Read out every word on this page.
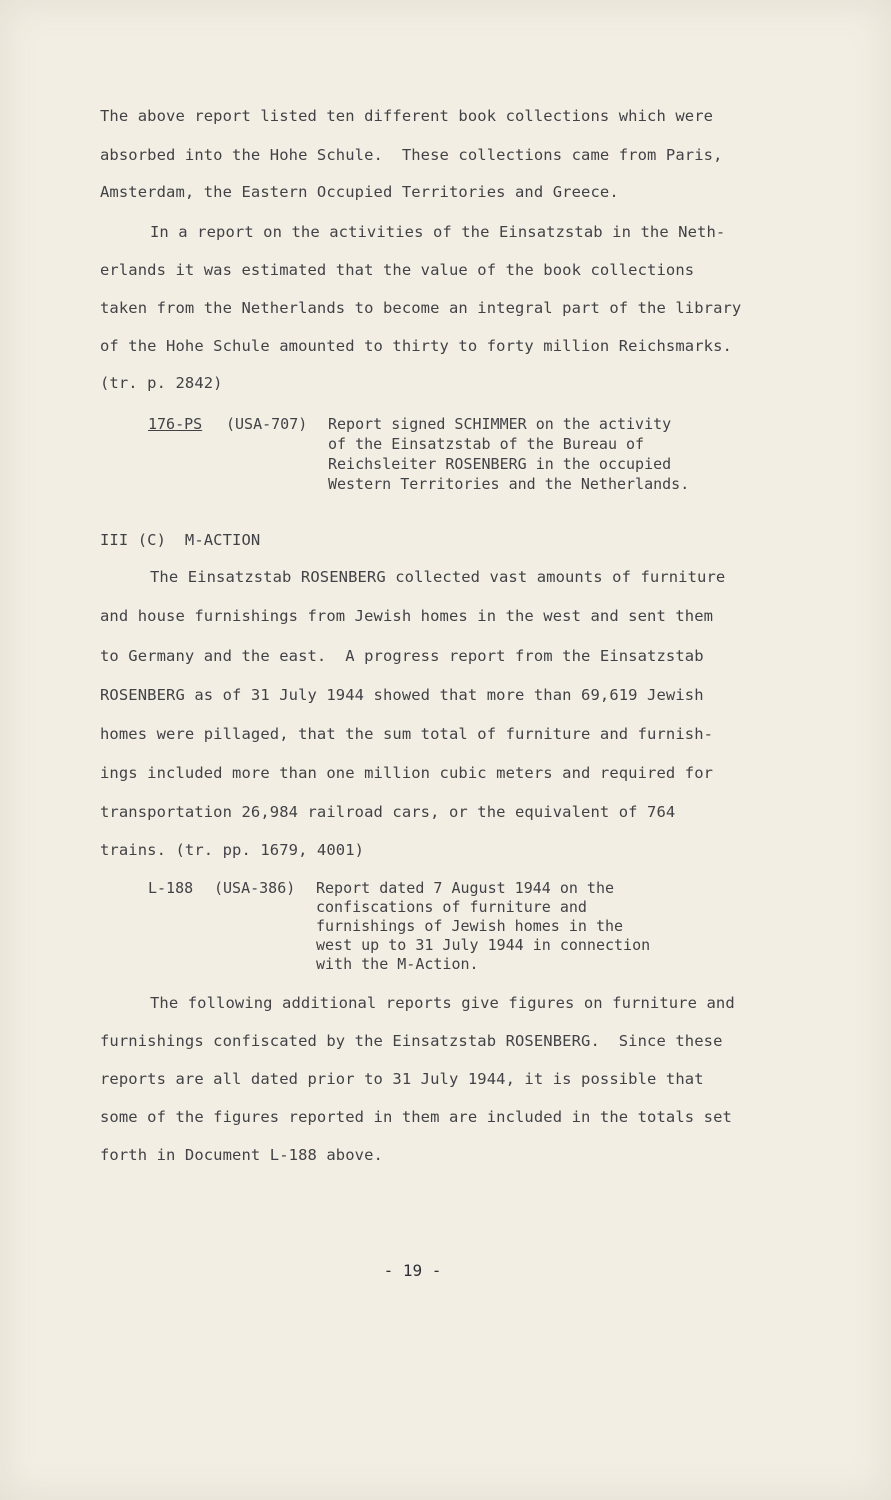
The above report listed ten different book collections which were
absorbed into the Hohe Schule.  These collections came from Paris,
Amsterdam, the Eastern Occupied Territories and Greece.
In a report on the activities of the Einsatzstab in the Neth-
erlands it was estimated that the value of the book collections
taken from the Netherlands to become an integral part of the library
of the Hohe Schule amounted to thirty to forty million Reichsmarks.
(tr. p. 2842)
176-PS (USA-707) Report signed SCHIMMER on the activity
of the Einsatzstab of the Bureau of
Reichsleiter ROSENBERG in the occupied
Western Territories and the Netherlands.
III (C)  M-ACTION
The Einsatzstab ROSENBERG collected vast amounts of furniture
and house furnishings from Jewish homes in the west and sent them
to Germany and the east.  A progress report from the Einsatzstab
ROSENBERG as of 31 July 1944 showed that more than 69,619 Jewish
homes were pillaged, that the sum total of furniture and furnish-
ings included more than one million cubic meters and required for
transportation 26,984 railroad cars, or the equivalent of 764
trains. (tr. pp. 1679, 4001)
L-188 (USA-386) Report dated 7 August 1944 on the
confiscations of furniture and
furnishings of Jewish homes in the
west up to 31 July 1944 in connection
with the M-Action.
The following additional reports give figures on furniture and
furnishings confiscated by the Einsatzstab ROSENBERG.  Since these
reports are all dated prior to 31 July 1944, it is possible that
some of the figures reported in them are included in the totals set
forth in Document L-188 above.
- 19 -
